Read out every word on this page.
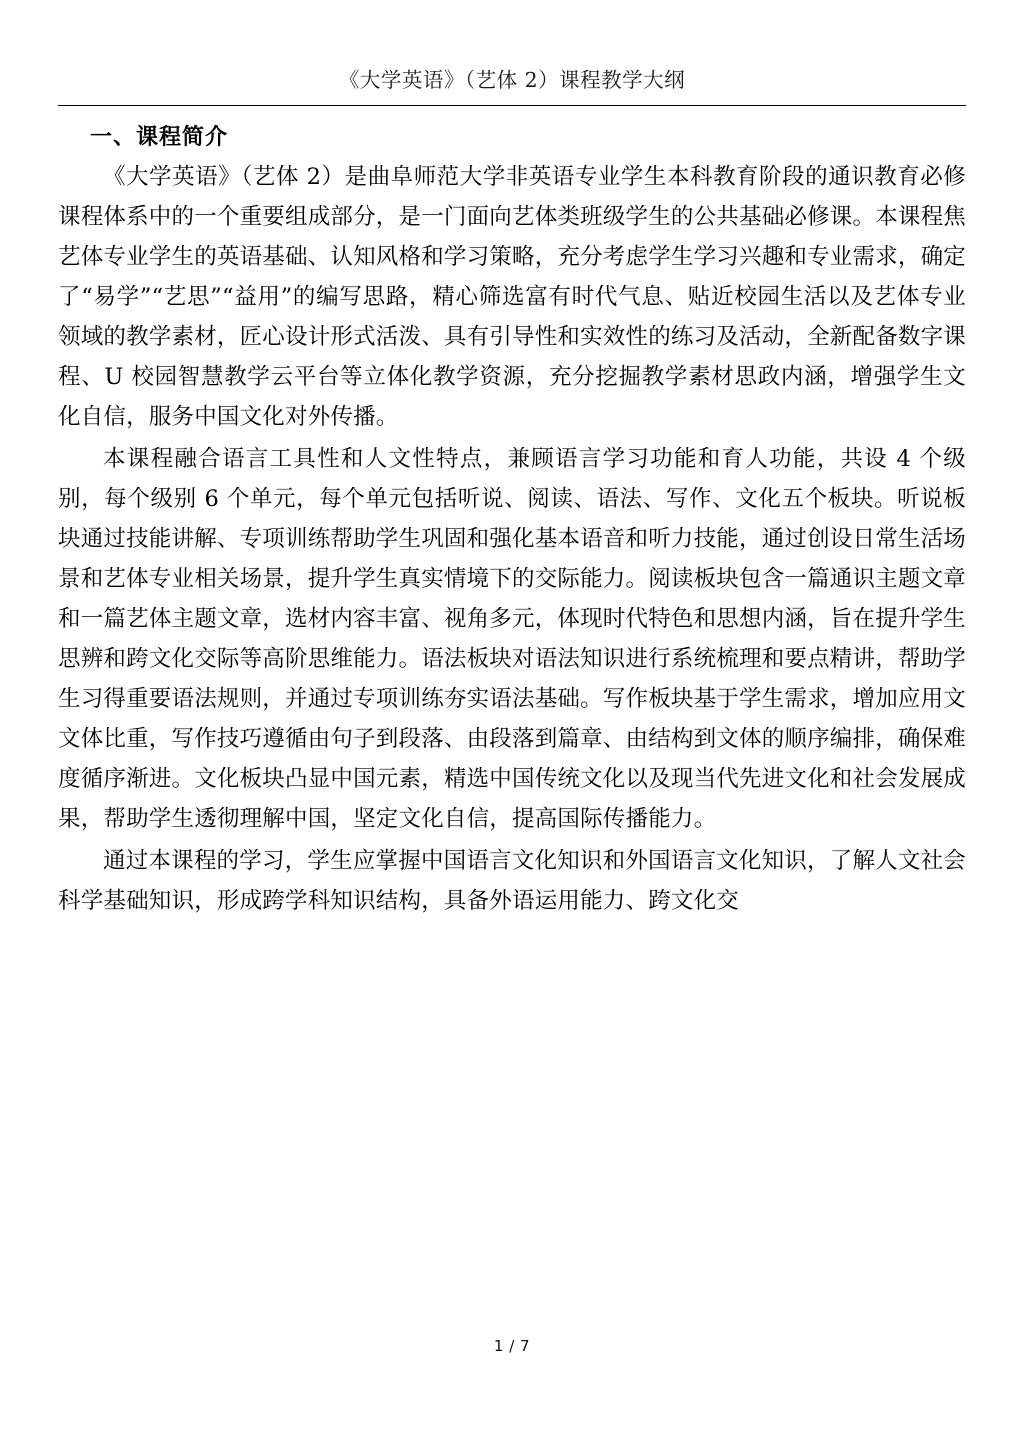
《大学英语》（艺体 2）课程教学大纲
一、课程简介

《大学英语》（艺体 2）是曲阜师范大学非英语专业学生本科教育阶段的通识教育必修课程体系中的一个重要组成部分，是一门面向艺体类班级学生的公共基础必修课。本课程焦艺体专业学生的英语基础、认知风格和学习策略，充分考虑学生学习兴趣和专业需求，确定了“易学”“艺思”“益用”的编写思路，精心筛选富有时代气息、贴近校园生活以及艺体专业领域的教学素材，匠心设计形式活泼、具有引导性和实效性的练习及活动，全新配备数字课程、U 校园智慧教学云平台等立体化教学资源，充分挖掘教学素材思政内涵，增强学生文化自信，服务中国文化对外传播。

本课程融合语言工具性和人文性特点，兼顾语言学习功能和育人功能，共设 4 个级别，每个级别 6 个单元，每个单元包括听说、阅读、语法、写作、文化五个板块。听说板块通过技能讲解、专项训练帮助学生巩固和强化基本语音和听力技能，通过创设日常生活场景和艺体专业相关场景，提升学生真实情境下的交际能力。阅读板块包含一篇通识主题文章和一篇艺体主题文章，选材内容丰富、视角多元，体现时代特色和思想内涵，旨在提升学生思辨和跨文化交际等高阶思维能力。语法板块对语法知识进行系统梳理和要点精讲，帮助学生习得重要语法规则，并通过专项训练夯实语法基础。写作板块基于学生需求，增加应用文文体比重，写作技巧遵循由句子到段落、由段落到篇章、由结构到文体的顺序编排，确保难度循序渐进。文化板块凸显中国元素，精选中国传统文化以及现当代先进文化和社会发展成果，帮助学生透彻理解中国，坚定文化自信，提高国际传播能力。

通过本课程的学习，学生应掌握中国语言文化知识和外国语言文化知识，了解人文社会科学基础知识，形成跨学科知识结构，具备外语运用能力、跨文化交

1 / 7
